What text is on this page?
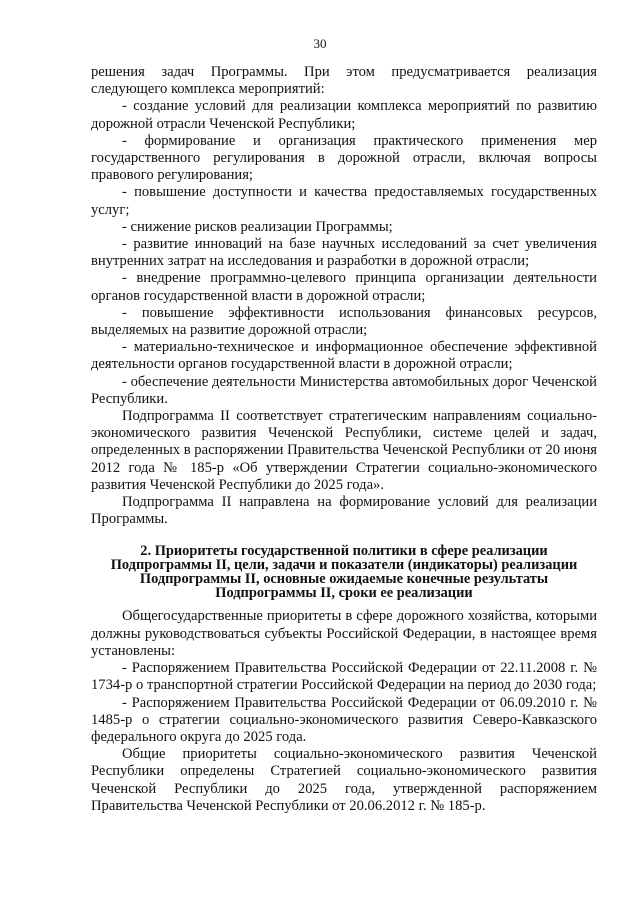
30

решения задач Программы. При этом предусматривается реализация следующего комплекса мероприятий:

- создание условий для реализации комплекса мероприятий по развитию дорожной отрасли Чеченской Республики;

- формирование и организация практического применения мер государственного регулирования в дорожной отрасли, включая вопросы правового регулирования;

- повышение доступности и качества предоставляемых государственных услуг;

- снижение рисков реализации Программы;

- развитие инноваций на базе научных исследований за счет увеличения внутренних затрат на исследования и разработки в дорожной отрасли;

- внедрение программно-целевого принципа организации деятельности органов государственной власти в дорожной отрасли;

- повышение эффективности использования финансовых ресурсов, выделяемых на развитие дорожной отрасли;

- материально-техническое и информационное обеспечение эффективной деятельности органов государственной власти в дорожной отрасли;

- обеспечение деятельности Министерства автомобильных дорог Чеченской Республики.

Подпрограмма II соответствует стратегическим направлениям социально-экономического развития Чеченской Республики, системе целей и задач, определенных в распоряжении Правительства Чеченской Республики от 20 июня 2012 года № 185-р «Об утверждении Стратегии социально-экономического развития Чеченской Республики до 2025 года».

Подпрограмма II направлена на формирование условий для реализации Программы.

2. Приоритеты государственной политики в сфере реализации
Подпрограммы II, цели, задачи и показатели (индикаторы) реализации
Подпрограммы II, основные ожидаемые конечные результаты
Подпрограммы II, сроки ее реализации

Общегосударственные приоритеты в сфере дорожного хозяйства, которыми должны руководствоваться субъекты Российской Федерации, в настоящее время установлены:

- Распоряжением Правительства Российской Федерации от 22.11.2008 г. № 1734-р о транспортной стратегии Российской Федерации на период до 2030 года;

- Распоряжением Правительства Российской Федерации от 06.09.2010 г. № 1485-р о стратегии социально-экономического развития Северо-Кавказского федерального округа до 2025 года.

Общие приоритеты социально-экономического развития Чеченской Республики определены Стратегией социально-экономического развития Чеченской Республики до 2025 года, утвержденной распоряжением Правительства Чеченской Республики от 20.06.2012 г. № 185-р.
